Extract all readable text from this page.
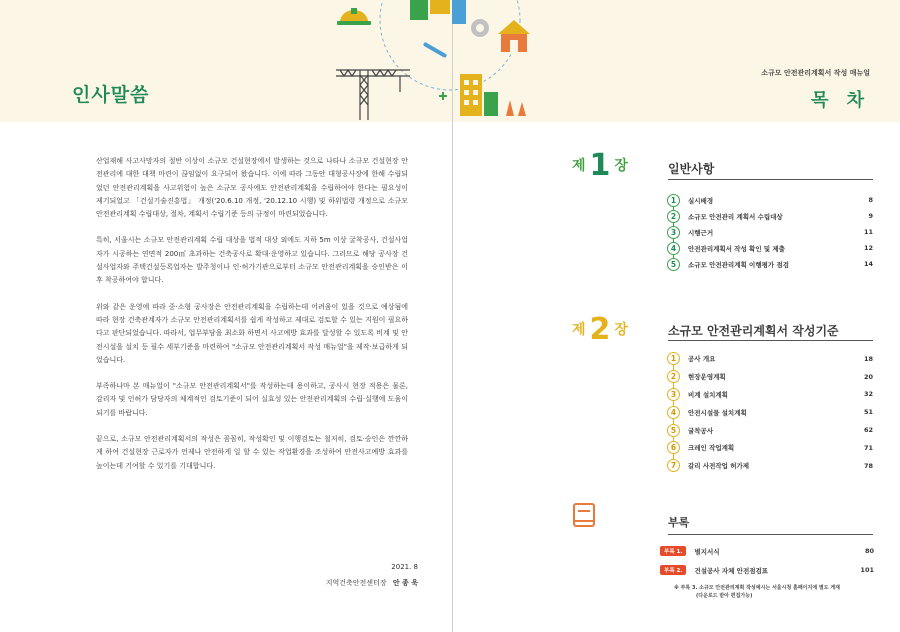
인사말씀

산업재해 사고사망자의 절반 이상이 소규모 건설현장에서 발생하는 것으로 나타나 소규모 건설현장 안전관리에 대한 대책 마련이 끊임없이 요구되어 왔습니다. 이에 따라 그동안 대형공사장에 한해 수립되었던 안전관리계획을 사고위험이 높은 소규모 공사에도 안전관리계획을 수립하여야 한다는 필요성이 제기되었고 「건설기술진흥법」 개정('20.6.10 개정, '20.12.10 시행) 및 하위법령 개정으로 소규모 안전관리계획 수립대상, 절차, 계획서 수립기준 등의 규정이 마련되었습니다.

특히, 서울시는 소규모 안전관리계획 수립 대상을 법적 대상 외에도 지하 5m 이상 굴착공사, 건설사업자가 시공하는 연면적 200㎡ 초과하는 건축공사로 확대·운영하고 있습니다. 그러므로 해당 공사장 건설사업자와 주택건설등록업자는 발주청이나 인·허가기관으로부터 소규모 안전관리계획을 승인받은 이후 착공하여야 합니다.

위와 같은 운영에 따라 중·소형 공사장은 안전관리계획을 수립하는데 어려움이 있을 것으로 예상됨에 따라 현장 건축관계자가 소규모 안전관리계획서를 쉽게 작성하고 제대로 검토할 수 있는 지원이 필요하다고 판단되었습니다. 따라서, 업무부담을 최소화 하면서 사고예방 효과를 달성할 수 있도록 비계 및 안전시설을 설치 등 필수 세부기준을 마련하여 "소규모 안전관리계획서 작성 매뉴얼"을 제작·보급하게 되었습니다.

부족하나마 본 매뉴얼이 "소규모 안전관리계획서"를 작성하는데 용이하고, 공사시 현장 적용은 물론, 감리자 및 인허가 담당자의 체계적인 검토기준이 되어 실효성 있는 안전관리계획의 수립·실행에 도움이 되기를 바랍니다.

끝으로, 소규모 안전관리계획서의 작성은 꼼꼼히, 작성확인 및 이행검토는 철저히, 검토·승인은 깐깐하게 하여 건설현장 근로자가 언제나 안전하게 일 할 수 있는 작업환경을 조성하여 안전사고예방 효과를 높이는데 기여할 수 있기를 기대합니다.

2021. 8
지역건축안전센터장 안 종 욱
소규모 안전관리계획서 작성 매뉴얼
목 차
제 1 장	일반사항
1	실시배경	8
2	소규모 안전관리 계획서 수립대상	9
3	시행근거	11
4	안전관리계획서 작성 확인 및 제출	12
5	소규모 안전관리계획 이행평가 점검	14
제 2 장	소규모 안전관리계획서 작성기준
1	공사 개요	18
2	현장운영계획	20
3	비계 설치계획	32
4	안전시설물 설치계획	51
5	굴착공사	62
6	크레인 작업계획	71
7	갈리 사전작업 허가제	78
부록
부록 1.	별지서식	80
부록 2.	건설공사 자체 안전점검표	101
※ 부록 3. 소규모 안전관리계획 작성예시는 서울시청 홈페이지에 별도 게재
(다운로드 받아 편집가능)
